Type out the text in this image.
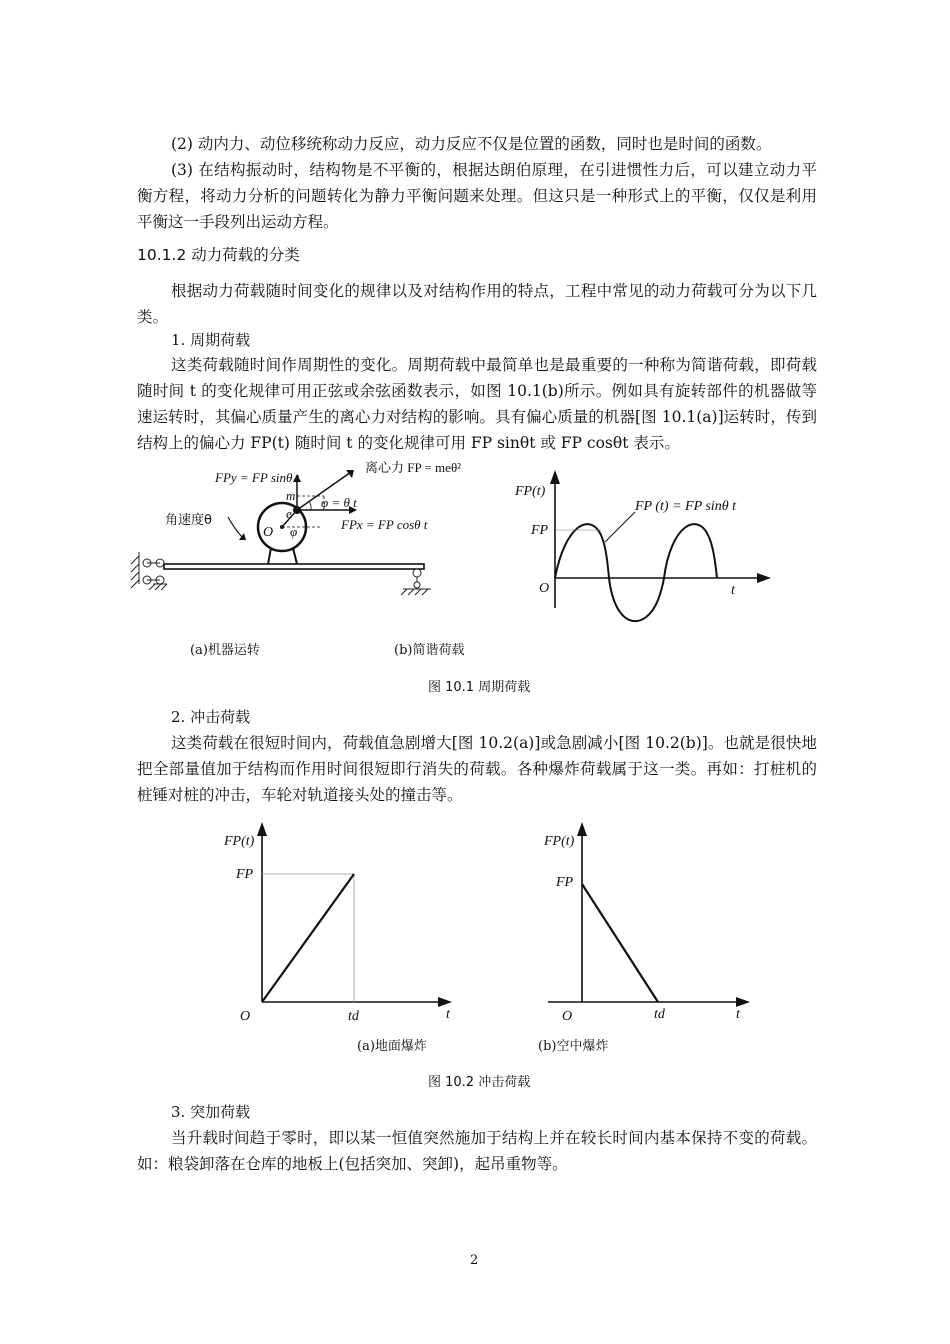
(2) 动内力、动位移统称动力反应，动力反应不仅是位置的函数，同时也是时间的函数。
(3) 在结构振动时，结构物是不平衡的，根据达朗伯原理，在引进惯性力后，可以建立动力平衡方程，将动力分析的问题转化为静力平衡问题来处理。但这只是一种形式上的平衡，仅仅是利用平衡这一手段列出运动方程。
10.1.2 动力荷载的分类
根据动力荷载随时间变化的规律以及对结构作用的特点，工程中常见的动力荷载可分为以下几类。
1. 周期荷载
这类荷载随时间作周期性的变化。周期荷载中最简单也是最重要的一种称为简谐荷载，即荷载随时间 t 的变化规律可用正弦或余弦函数表示，如图 10.1(b)所示。例如具有旋转部件的机器做等速运转时，其偏心质量产生的离心力对结构的影响。具有偏心质量的机器[图 10.1(a)]运转时，传到结构上的偏心力 FP(t) 随时间 t 的变化规律可用 FP sinθt 或 FP cosθt 表示。
FPy = FP sinθ t
离心力 FP = meθ²
m
e
φ = θ t
O φ	FPx = FP cosθ t
角速度θ
FP(t)
FP (t) = FP sinθ t
FP
O	t
(a)机器运转	(b)简谐荷载
图 10.1 周期荷载
2. 冲击荷载
这类荷载在很短时间内，荷载值急剧增大[图 10.2(a)]或急剧减小[图 10.2(b)]。也就是很快地把全部量值加于结构而作用时间很短即行消失的荷载。各种爆炸荷载属于这一类。再如：打桩机的桩锤对桩的冲击，车轮对轨道接头处的撞击等。
FP(t)
FP
O	td	t
FP(t)
FP
O	td	t
(a)地面爆炸	(b)空中爆炸
图 10.2 冲击荷载
3. 突加荷载
当升载时间趋于零时，即以某一恒值突然施加于结构上并在较长时间内基本保持不变的荷载。如：粮袋卸落在仓库的地板上(包括突加、突卸)，起吊重物等。
2
